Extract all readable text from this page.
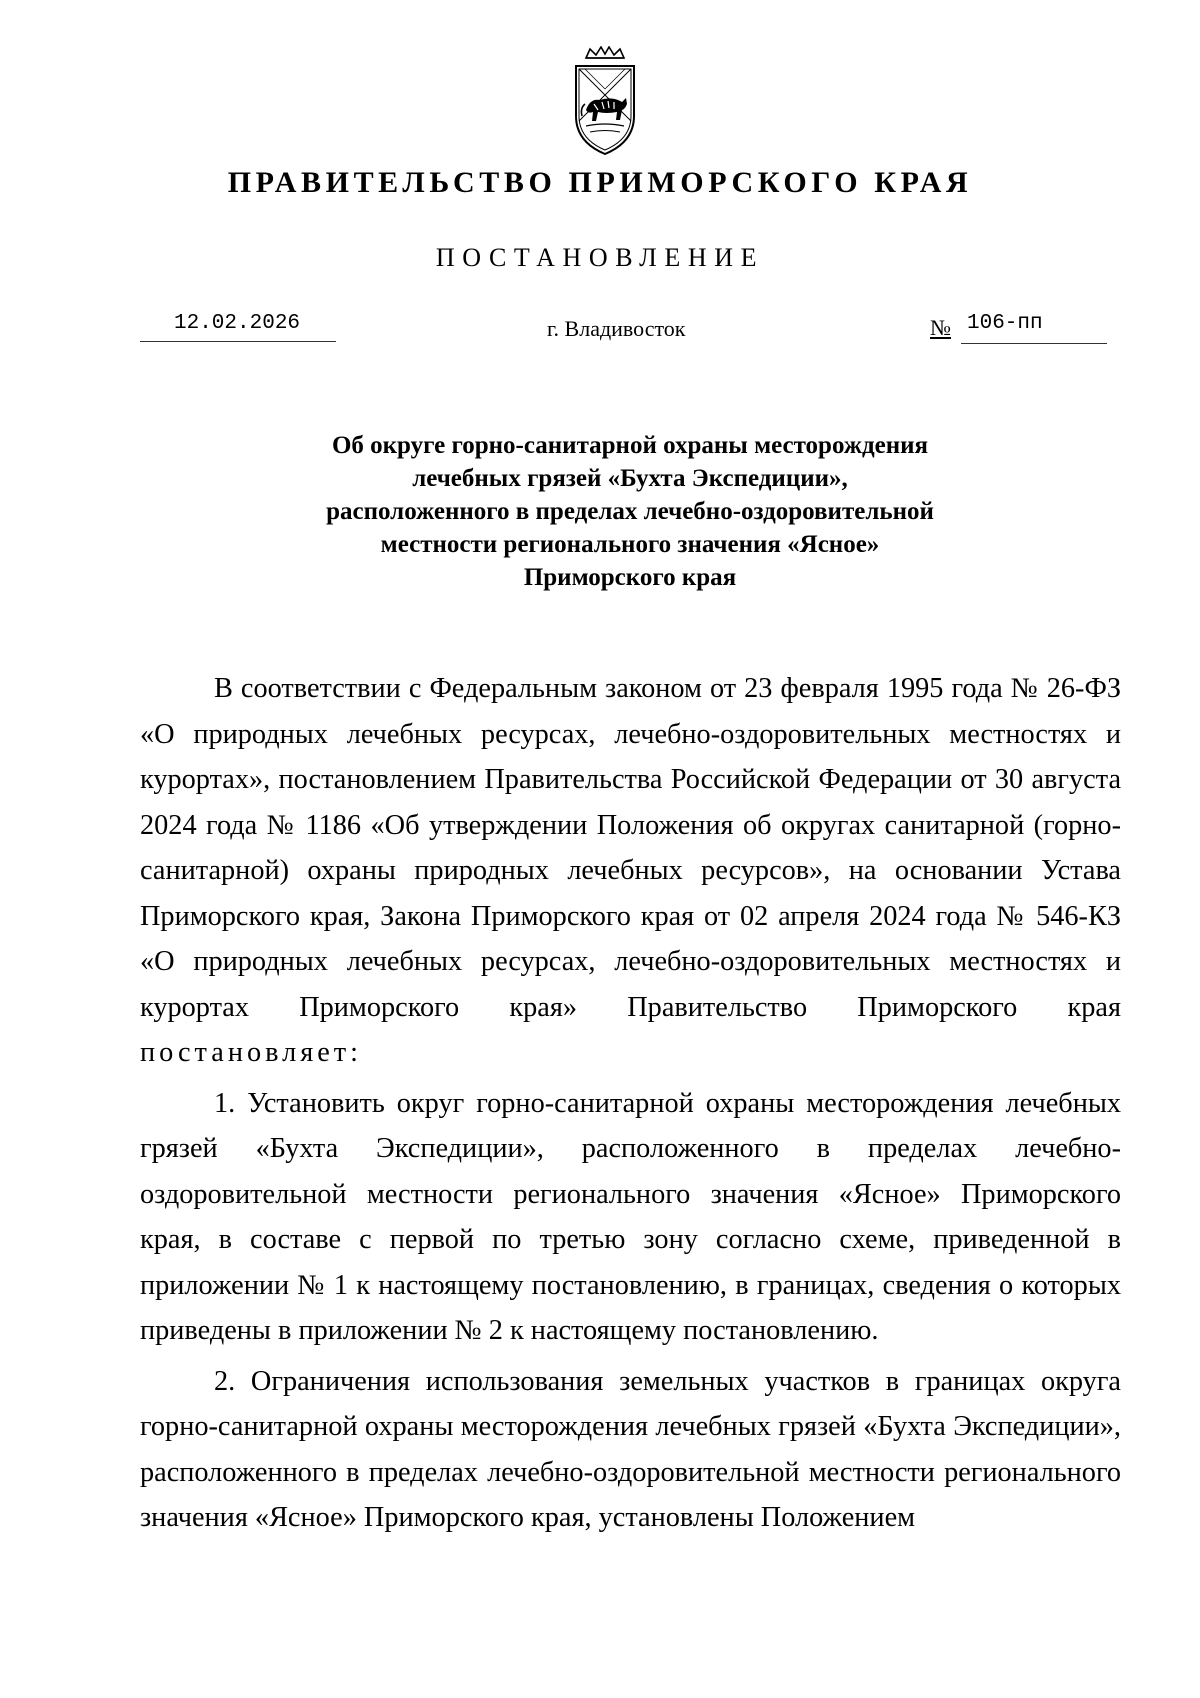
ПРАВИТЕЛЬСТВО ПРИМОРСКОГО КРАЯ
ПОСТАНОВЛЕНИЕ
12.02.2026	г. Владивосток	№ 106-пп
Об округе горно-санитарной охраны месторождения
лечебных грязей «Бухта Экспедиции»,
расположенного в пределах лечебно-оздоровительной
местности регионального значения «Ясное»
Приморского края

В соответствии с Федеральным законом от 23 февраля 1995 года № 26-ФЗ «О природных лечебных ресурсах, лечебно-оздоровительных местностях и курортах», постановлением Правительства Российской Федерации от 30 августа 2024 года № 1186 «Об утверждении Положения об округах санитарной (горно-санитарной) охраны природных лечебных ресурсов», на основании Устава Приморского края, Закона Приморского края от 02 апреля 2024 года № 546-КЗ «О природных лечебных ресурсах, лечебно-оздоровительных местностях и курортах Приморского края» Правительство Приморского края постановляет:

1. Установить округ горно-санитарной охраны месторождения лечебных грязей «Бухта Экспедиции», расположенного в пределах лечебно-оздоровительной местности регионального значения «Ясное» Приморского края, в составе с первой по третью зону согласно схеме, приведенной в приложении № 1 к настоящему постановлению, в границах, сведения о которых приведены в приложении № 2 к настоящему постановлению.

2. Ограничения использования земельных участков в границах округа горно-санитарной охраны месторождения лечебных грязей «Бухта Экспедиции», расположенного в пределах лечебно-оздоровительной местности регионального значения «Ясное» Приморского края, установлены Положением
